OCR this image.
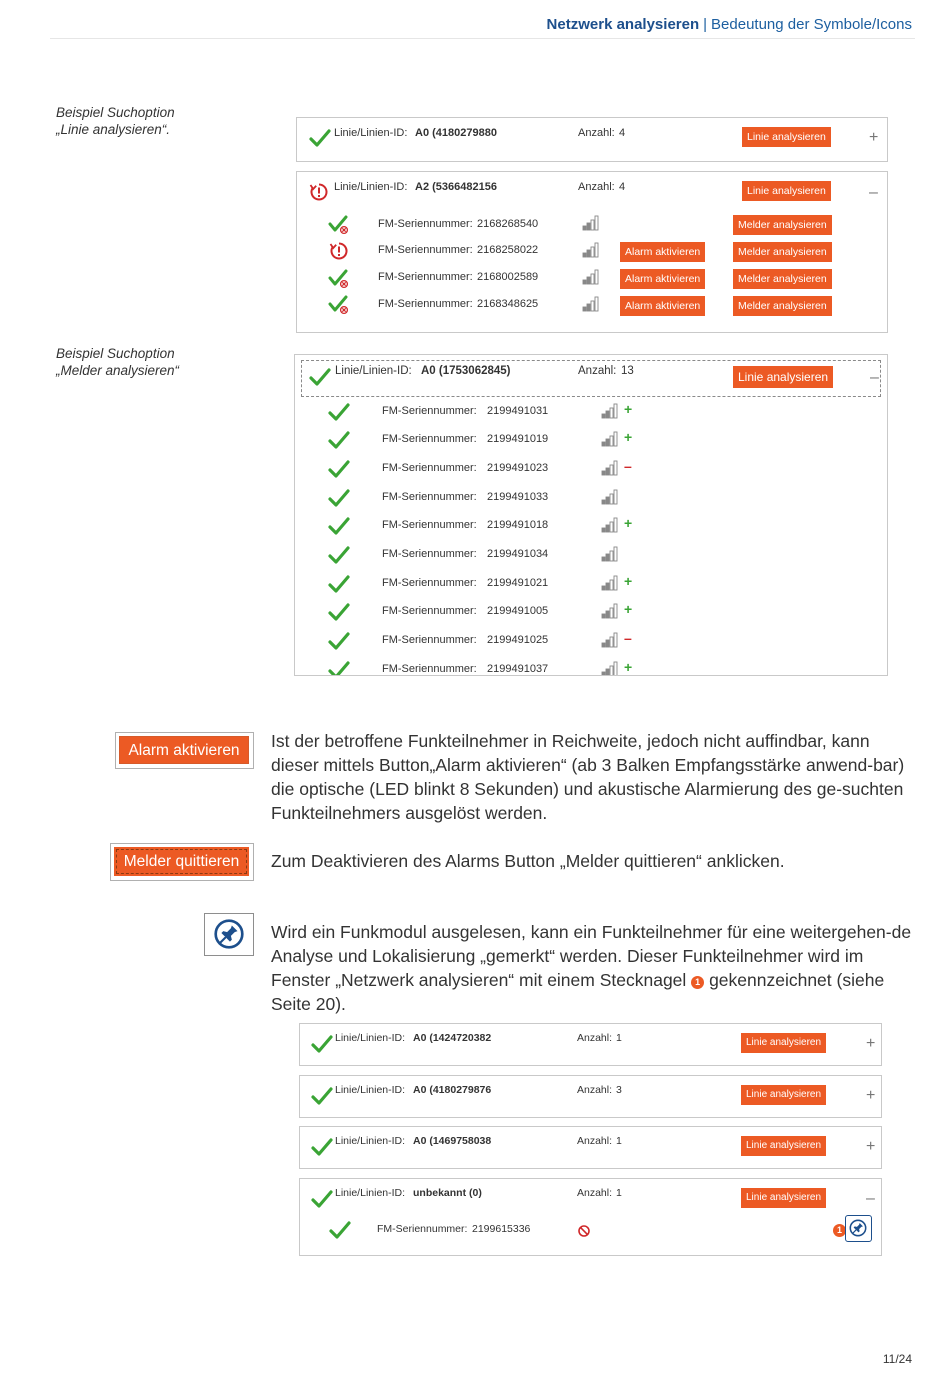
Netzwerk analysieren | Bedeutung der Symbole/Icons
Beispiel Suchoption
„Linie analysieren“.	Linie/Linien-ID: A0 (4180279880	Anzahl: 4	Linie analysieren	+
Linie/Linien-ID: A2 (5366482156	Anzahl: 4	Linie analysieren	–
FM-Seriennummer: 2168268540	Melder analysieren
FM-Seriennummer: 2168258022	Alarm aktivieren	Melder analysieren
FM-Seriennummer: 2168002589	Alarm aktivieren	Melder analysieren
FM-Seriennummer: 2168348625	Alarm aktivieren	Melder analysieren
Beispiel Suchoption
„Melder analysieren“	Linie/Linien-ID: A0 (1753062845)	Anzahl: 13	Linie analysieren	–
FM-Seriennummer: 2199491031	+
FM-Seriennummer: 2199491019	+
FM-Seriennummer: 2199491023	–
FM-Seriennummer: 2199491033
FM-Seriennummer: 2199491018	+
FM-Seriennummer: 2199491034
FM-Seriennummer: 2199491021	+
FM-Seriennummer: 2199491005	+
FM-Seriennummer: 2199491025	–
FM-Seriennummer: 2199491037	+
Alarm aktivieren	Ist der betroffene Funkteilnehmer in Reichweite, jedoch nicht auffindbar, kann dieser mittels Button„Alarm aktivieren“ (ab 3 Balken Empfangsstärke anwend-bar) die optische (LED blinkt 8 Sekunden) und akustische Alarmierung des ge-suchten Funkteilnehmers ausgelöst werden.
Melder quittieren	Zum Deaktivieren des Alarms Button „Melder quittieren“ anklicken.
Wird ein Funkmodul ausgelesen, kann ein Funkteilnehmer für eine weitergehen-de Analyse und Lokalisierung „gemerkt“ werden. Dieser Funkteilnehmer wird im Fenster „Netzwerk analysieren“ mit einem Stecknagel 1 gekennzeichnet (siehe Seite 20).
Linie/Linien-ID: A0 (1424720382	Anzahl: 1	Linie analysieren	+
Linie/Linien-ID: A0 (4180279876	Anzahl: 3	Linie analysieren	+
Linie/Linien-ID: A0 (1469758038	Anzahl: 1	Linie analysieren	+
Linie/Linien-ID: unbekannt (0)	Anzahl: 1	Linie analysieren	–
FM-Seriennummer: 2199615336	1
11/24
